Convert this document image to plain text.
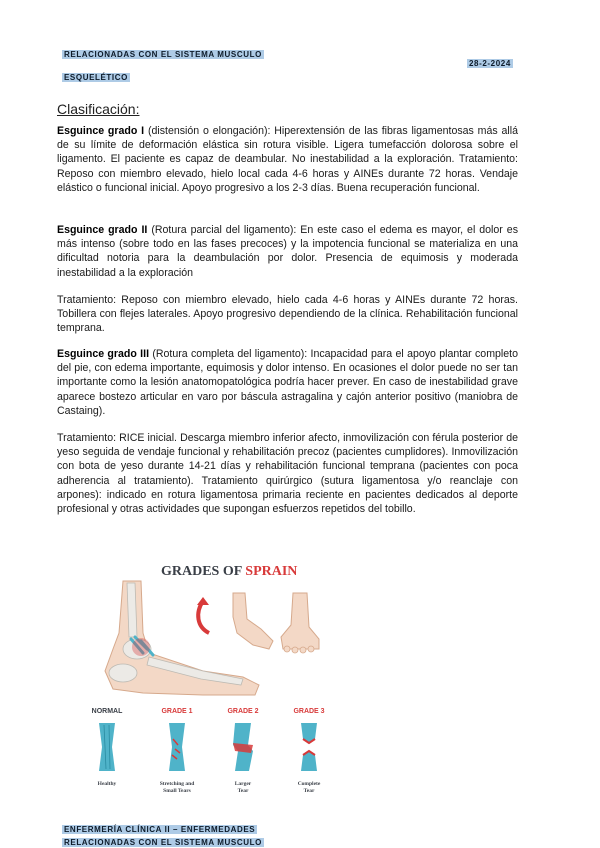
RELACIONADAS CON EL SISTEMA MUSCULO
ESQUELÉTICO
28-2-2024
Clasificación:

Esguince grado I (distensión o elongación): Hiperextensión de las fibras ligamentosas más allá de su límite de deformación elástica sin rotura visible. Ligera tumefacción dolorosa sobre el ligamento. El paciente es capaz de deambular. No inestabilidad a la exploración. Tratamiento: Reposo con miembro elevado, hielo local cada 4-6 horas y AINEs durante 72 horas. Vendaje elástico o funcional inicial. Apoyo progresivo a los 2-3 días. Buena recuperación funcional.

Esguince grado II (Rotura parcial del ligamento): En este caso el edema es mayor, el dolor es más intenso (sobre todo en las fases precoces) y la impotencia funcional se materializa en una dificultad notoria para la deambulación por dolor. Presencia de equimosis y moderada inestabilidad a la exploración

Tratamiento: Reposo con miembro elevado, hielo cada 4-6 horas y AINEs durante 72 horas. Tobillera con flejes laterales. Apoyo progresivo dependiendo de la clínica. Rehabilitación funcional temprana.

Esguince grado III (Rotura completa del ligamento): Incapacidad para el apoyo plantar completo del pie, con edema importante, equimosis y dolor intenso. En ocasiones el dolor puede no ser tan importante como la lesión anatomopatológica podría hacer prever. En caso de inestabilidad grave aparece bostezo articular en varo por báscula astragalina y cajón anterior positivo (maniobra de Castaing).

Tratamiento: RICE inicial. Descarga miembro inferior afecto, inmovilización con férula posterior de yeso seguida de vendaje funcional y rehabilitación precoz (pacientes cumplidores). Inmovilización con bota de yeso durante 14-21 días y rehabilitación funcional temprana (pacientes con poca adherencia al tratamiento). Tratamiento quirúrgico (sutura ligamentosa y/o reanclaje con arpones): indicado en rotura ligamentosa primaria reciente en pacientes dedicados al deporte profesional y otras actividades que supongan esfuerzos repetidos del tobillo.

GRADES OF SPRAIN
NORMAL	GRADE 1	GRADE 2	GRADE 3
Healthy	Stretching and
Small Tears
Larger
Tear
Complete
Tear
ENFERMERÍA CLÍNICA II – ENFERMEDADES
RELACIONADAS CON EL SISTEMA MUSCULO
